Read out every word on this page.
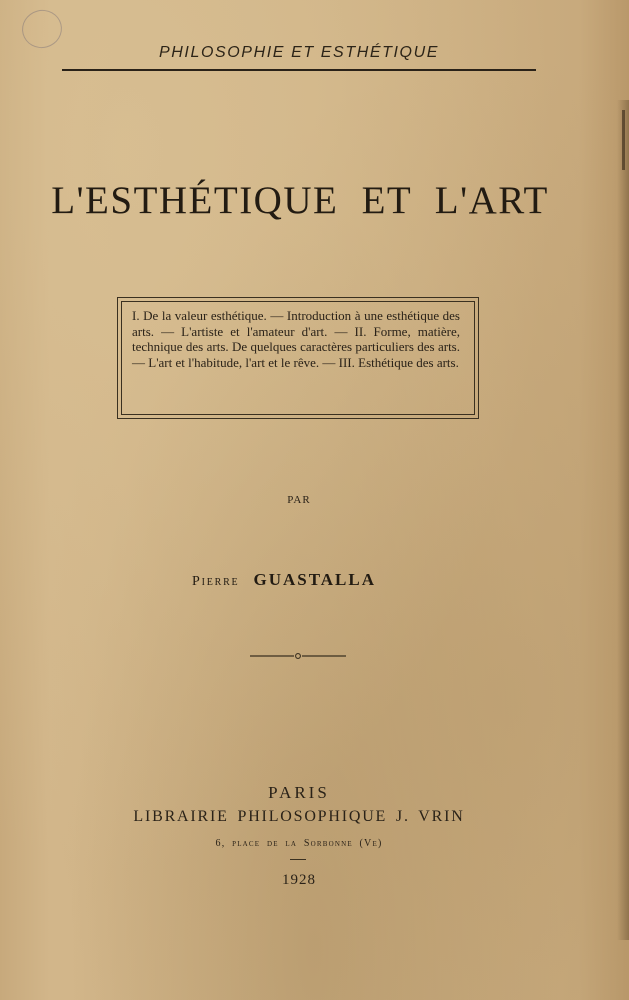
PHILOSOPHIE ET ESTHÉTIQUE
L'ESTHÉTIQUE ET L'ART
I. De la valeur esthétique. — Introduction à une esthétique des arts. — L'artiste et l'amateur d'art. — II. Forme, matière, technique des arts. De quelques caractères particuliers des arts. — L'art et l'habitude, l'art et le rêve. — III. Esthétique des arts.
PAR
Pierre GUASTALLA
PARIS
LIBRAIRIE PHILOSOPHIQUE J. VRIN
6, place de la Sorbonne (Ve)
1928
